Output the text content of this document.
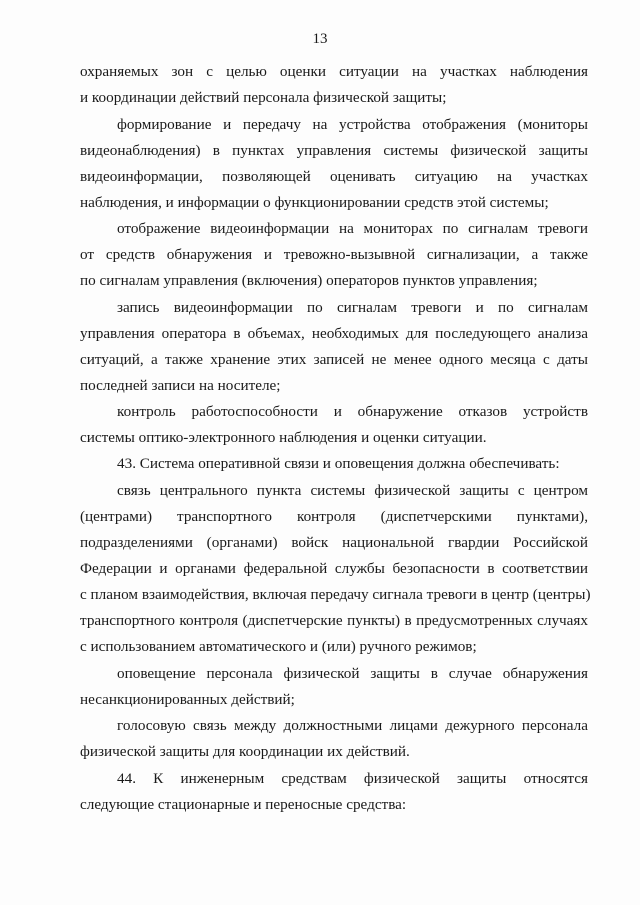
13
охраняемых зон с целью оценки ситуации на участках наблюдения
и координации действий персонала физической защиты;
формирование и передачу на устройства отображения (мониторы
видеонаблюдения) в пунктах управления системы физической защиты
видеоинформации, позволяющей оценивать ситуацию на участках
наблюдения, и информации о функционировании средств этой системы;
отображение видеоинформации на мониторах по сигналам тревоги
от средств обнаружения и тревожно-вызывной сигнализации, а также
по сигналам управления (включения) операторов пунктов управления;
запись видеоинформации по сигналам тревоги и по сигналам
управления оператора в объемах, необходимых для последующего анализа
ситуаций, а также хранение этих записей не менее одного месяца с даты
последней записи на носителе;
контроль работоспособности и обнаружение отказов устройств
системы оптико-электронного наблюдения и оценки ситуации.
43. Система оперативной связи и оповещения должна обеспечивать:
связь центрального пункта системы физической защиты с центром
(центрами) транспортного контроля (диспетчерскими пунктами),
подразделениями (органами) войск национальной гвардии Российской
Федерации и органами федеральной службы безопасности в соответствии
с планом взаимодействия, включая передачу сигнала тревоги в центр (центры)
транспортного контроля (диспетчерские пункты) в предусмотренных случаях
с использованием автоматического и (или) ручного режимов;
оповещение персонала физической защиты в случае обнаружения
несанкционированных действий;
голосовую связь между должностными лицами дежурного персонала
физической защиты для координации их действий.
44. К инженерным средствам физической защиты относятся
следующие стационарные и переносные средства:
